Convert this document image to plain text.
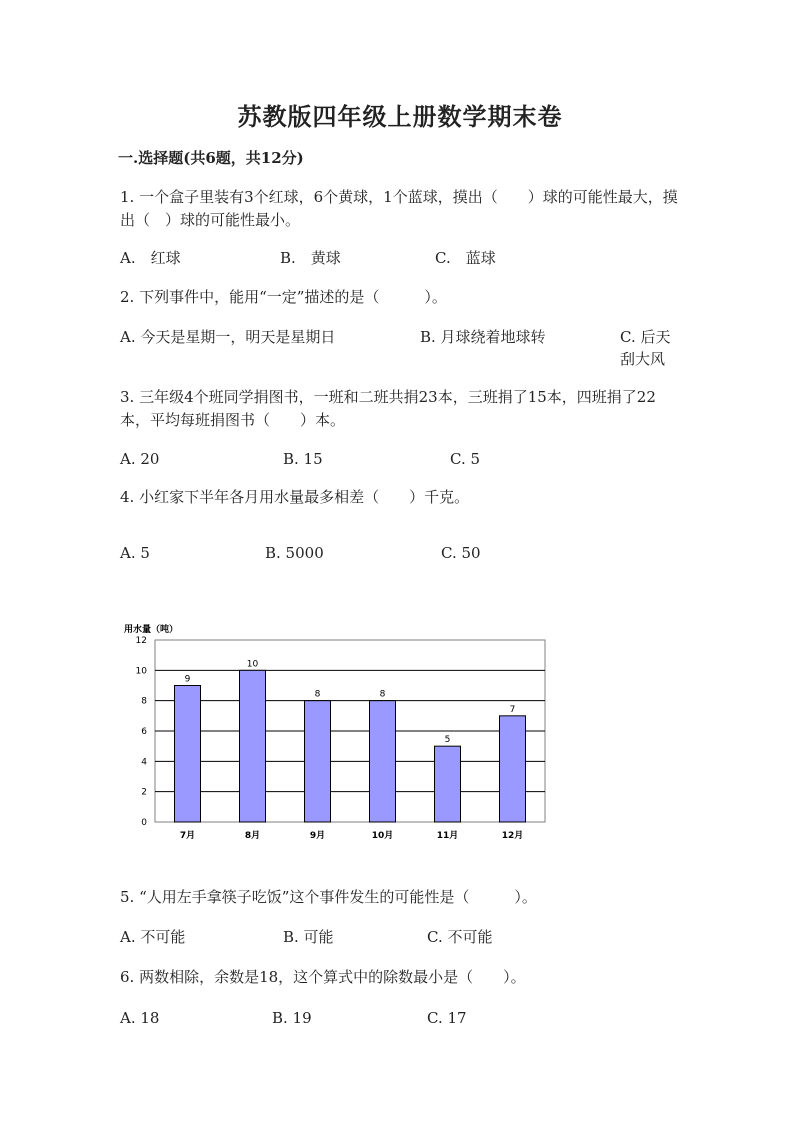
苏教版四年级上册数学期末卷
一.选择题(共6题，共12分)
1. 一个盒子里装有3个红球，6个黄球，1个蓝球，摸出（　　）球的可能性最大，摸出（　）球的可能性最小。
A.　红球	B.　黄球	C.　蓝球
2. 下列事件中，能用“一定”描述的是（　　　）。
A. 今天是星期一，明天是星期日	B. 月球绕着地球转	C. 后天刮大风
3. 三年级4个班同学捐图书，一班和二班共捐23本，三班捐了15本，四班捐了22本，平均每班捐图书（　　）本。
A. 20	B. 15	C. 5
4. 小红家下半年各月用水量最多相差（　　）千克。
A. 5	B. 5000	C. 50
用水量（吨）
0
2
4
6
8
10
12
9
7月
10
8月
8
9月
8
10月
5
11月
7
12月
5. “人用左手拿筷子吃饭”这个事件发生的可能性是（　　　）。
A. 不可能	B. 可能	C. 不可能
6. 两数相除，余数是18，这个算式中的除数最小是（　　）。
A. 18	B. 19	C. 17
